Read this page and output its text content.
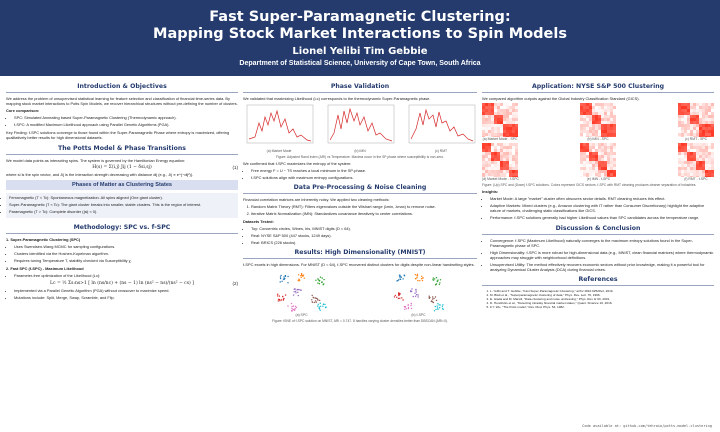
Fast Super-Paramagnetic Clustering:
Mapping Stock Market Interactions to Spin Models
Lionel Yelibi Tim Gebbie
Department of Statistical Science, University of Cape Town, South Africa
Introduction & Objectives

We address the problem of unsupervised statistical learning for feature selection and classification of financial time-series data. By mapping stock market interactions to Potts Spin Models, we recover hierarchical structures without pre-defining the number of clusters.

Core comparison:

• SPC: Simulated Annealing based Super-Paramagnetic Clustering (Thermodynamic approach).
• f-SPC: A modified Maximum Likelihood approach using Parallel Genetic Algorithms (PGA).

Key Finding: f-SPC solutions converge to those found within the Super-Paramagnetic Phase where entropy is maximized, offering qualitatively better results for high dimensional datasets.

The Potts Model & Phase Transitions

We model data points as interacting spins. The system is governed by the Hamiltonian Energy equation:

H(s) = Σ⟨i,j⟩ Jij (1 − δsi,sj)	(1)

where si is the spin vector, and Jij is the interaction strength decreasing with distance dij (e.g., Jij ∝ e^(−dij²)).

Phases of Matter as Clustering States
• Ferromagnetic (T < Tc): Spontaneous magnetization. All spins aligned (One giant cluster).
• Super-Paramagnetic (T ≈ Tc): The giant cluster breaks into smaller, stable clusters. This is the region of interest.
• Paramagnetic (T > Tc): Complete disorder (|si| ≈ 0).
Methodology: SPC vs. f-SPC

1. Super-Paramagnetic Clustering (SPC)

• Uses Swendsen-Wang MCMC for sampling configurations.
• Clusters identified via the Hoshen-Kopelman algorithm.
• Requires tuning Temperature T, stability checked via Susceptibility χ.

2. Fast SPC (f-SPC) - Maximum Likelihood

• Parameter-free optimization of the Likelihood (Lc):
Lc = ½ Σs:ns>1 [ ln (ns/nc) + (ns − 1) ln (ns² − ns)/(ns² − cs) ]	(2)
• Implemented via a Parallel Genetic Algorithm (PGA) without crossover to maximize speed.
• Mutations include: Split, Merge, Swap, Scramble, and Flip.
Phase Validation

We validated that maximizing Likelihood (Lc) corresponds to the thermodynamic Super-Paramagnetic phase.

(a) Market Mode	(b) IMN	(c) RMT
Figure: Adjusted Rand Index (ARI) vs Temperature. Maxima occur in the SP phase where susceptibility is non-zero.

We confirmed that f-SPC maximizes the entropy of the system:

• Free energy F = U − TS reaches a local minimum in the SP-phase.
• f-SPC solutions align with maximum entropy configurations.
Data Pre-Processing & Noise Cleaning

Financial correlation matrices are inherently noisy. We applied two cleaning methods:

1. Random Matrix Theory (RMT): Filters eigenvalues outside the Wishart range (λmin, λmax) to remove noise.
2. Iterative Matrix Normalization (IMN): Standardizes covariance iteratively to center correlations.

Datasets Tested:

• Toy: Concentric circles, Wines, Iris, MNIST digits (D = 64).
• Real: NYSE S&P 500 (447 stocks, 1249 days).
• Real: BRICS (226 stocks).
Results: High Dimensionality (MNIST)

f-SPC excels in high dimensions. For MNIST (D = 64), f-SPC recovered distinct clusters for digits despite non-linear handwriting styles.

(a) SPC	(b) f-SPC
Figure: tSNE of f-SPC solution on MNIST, ARI ≈ 0.747. 8 handles varying cluster densities better than DBSCAN (ARI≈0).
Application: NYSE S&P 500 Clustering

We compared algorithm outputs against the Global Industry Classification Standard (GICS).

(a) Market Mode - SPC	(b) IMN - SPC	(c) RMT - SPC
(d) Market Mode - f-SPC	(e) IMN - f-SPC	(f) RMT - f-SPC
Figure: (Up) SPC and (Down) f-SPC solutions. Colors represent GICS sectors. f-SPC with RMT cleaning produces cleaner separation of industries.

Insights:

• Market Mode: A large "market" cluster often obscures sector details. RMT cleaning reduces this effect.
• Adaptive Markets: Mixed clusters (e.g., Amazon clustering with IT rather than Consumer Discretionary) highlight the adaptive nature of markets, challenging static classifications like GICS.
• Performance: f-SPC solutions generally had higher Likelihood values than SPC candidates across the temperature range.
Discussion & Conclusion
• Convergence: f-SPC (Maximum Likelihood) naturally converges to the maximum entropy solutions found in the Super-Paramagnetic phase of SPC.
• High Dimensionality: f-SPC is more robust for high-dimensional data (e.g., MNIST, clean financial matrices) where thermodynamic approaches may struggle with neighborhood definitions.
• Unsupervised Utility: The method effectively recovers economic sectors without prior knowledge, making it a powerful tool for analyzing Dynamical Cluster Analysis (DCA) during financial crises.
References
1. L. Yelibi and T. Gebbie, "Fast Super-Paramagnetic Clustering," arXiv:1810.02529v2, 2019.
2. M. Blatt et al., "Superparamagnetic clustering of data," Phys. Rev. Lett. 76, 1996.
3. E. Giada and M. Marsili, "Data clustering and noise undressing," Phys. Rev. E 63, 2001.
4. D. Hendricks et al., "Detecting intraday financial market states," Quant. Finance 16, 2016.
5. F.Y. Wu, "The Potts model," Rev. Mod. Phys. 54, 1982.
Code available at: github.com/tehraio/potts-model-clustering
